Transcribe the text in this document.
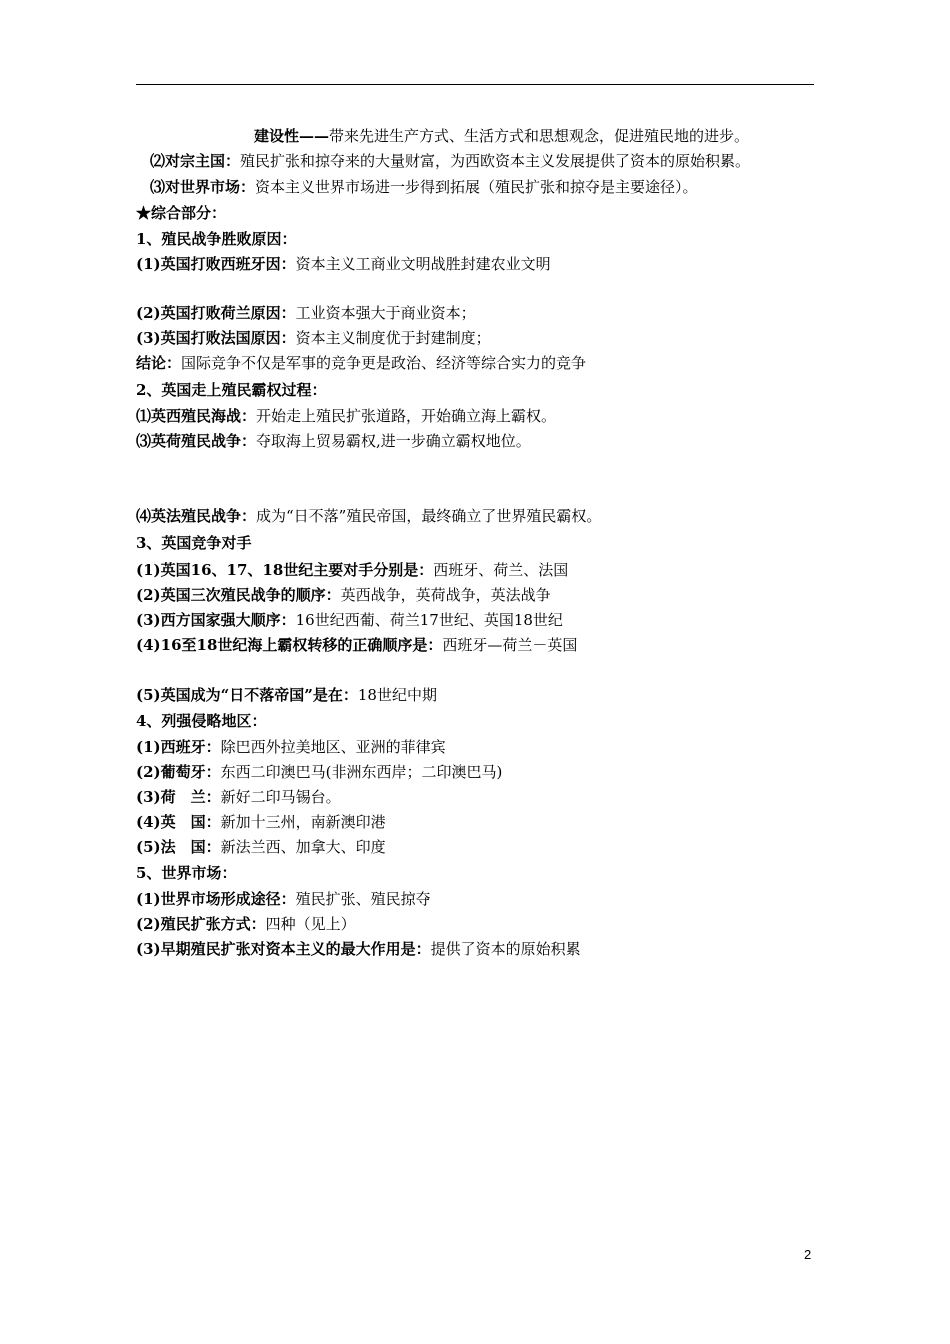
建设性——带来先进生产方式、生活方式和思想观念，促进殖民地的进步。
⑵对宗主国：殖民扩张和掠夺来的大量财富，为西欧资本主义发展提供了资本的原始积累。
⑶对世界市场：资本主义世界市场进一步得到拓展（殖民扩张和掠夺是主要途径）。
★综合部分：
1、殖民战争胜败原因：
(1)英国打败西班牙因：资本主义工商业文明战胜封建农业文明
(2)英国打败荷兰原因：工业资本强大于商业资本；
(3)英国打败法国原因：资本主义制度优于封建制度；
结论：国际竞争不仅是军事的竞争更是政治、经济等综合实力的竞争
2、英国走上殖民霸权过程：
⑴英西殖民海战：开始走上殖民扩张道路，开始确立海上霸权。
⑶英荷殖民战争：夺取海上贸易霸权,进一步确立霸权地位。
⑷英法殖民战争：成为“日不落”殖民帝国，最终确立了世界殖民霸权。
3、英国竞争对手
(1)英国16、17、18世纪主要对手分别是：西班牙、荷兰、法国
(2)英国三次殖民战争的顺序：英西战争，英荷战争，英法战争
(3)西方国家强大顺序：16世纪西葡、荷兰17世纪、英国18世纪
(4)16至18世纪海上霸权转移的正确顺序是：西班牙—荷兰－英国
(5)英国成为“日不落帝国”是在：18世纪中期
4、列强侵略地区：
(1)西班牙：除巴西外拉美地区、亚洲的菲律宾
(2)葡萄牙：东西二印澳巴马(非洲东西岸；二印澳巴马)
(3)荷　兰：新好二印马锡台。
(4)英　国：新加十三州，南新澳印港
(5)法　国：新法兰西、加拿大、印度
5、世界市场：
(1)世界市场形成途径：殖民扩张、殖民掠夺
(2)殖民扩张方式：四种（见上）
(3)早期殖民扩张对资本主义的最大作用是：提供了资本的原始积累
2
